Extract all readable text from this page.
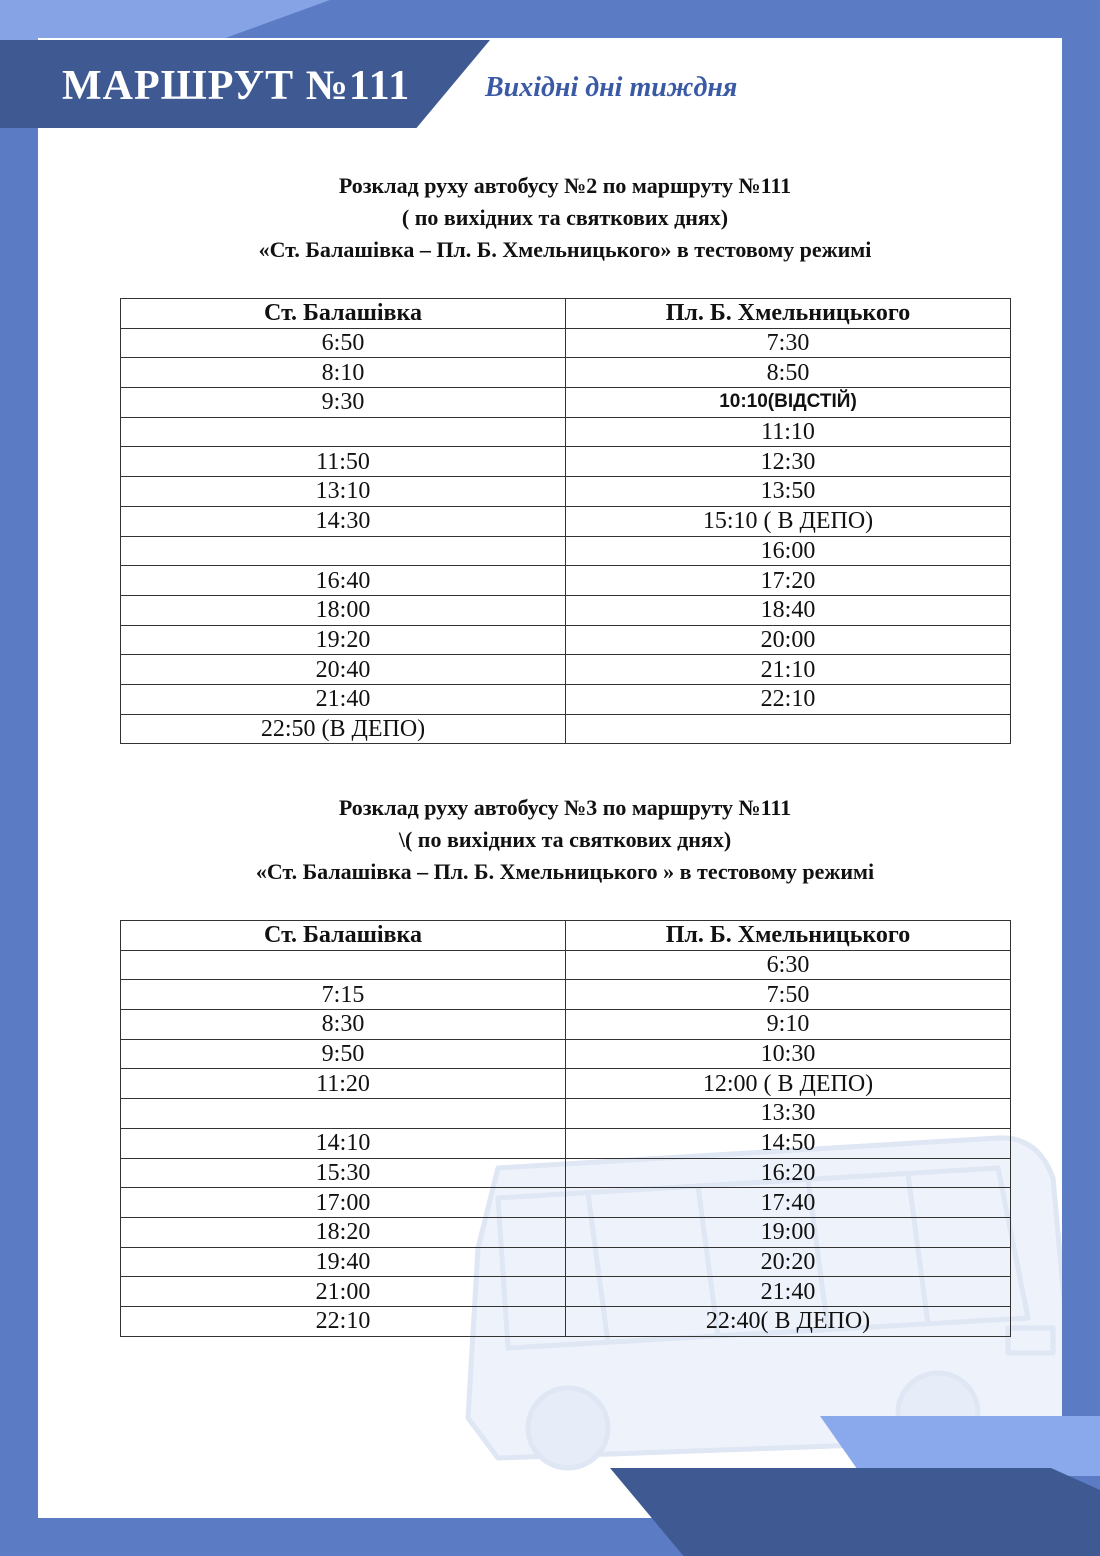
МАРШРУТ №111	Вихідні дні тиждня
Розклад руху автобусу №2 по маршруту №111
( по вихідних та святкових днях)
«Ст. Балашівка – Пл. Б. Хмельницького» в тестовому режимі
Ст. Балашівка	Пл. Б. Хмельницького
6:50	7:30
8:10	8:50
9:30	10:10(ВІДСТІЙ)
	11:10
11:50	12:30
13:10	13:50
14:30	15:10 ( В ДЕПО)
	16:00
16:40	17:20
18:00	18:40
19:20	20:00
20:40	21:10
21:40	22:10
22:50 (В ДЕПО)	
Розклад руху автобусу №3 по маршруту №111
\( по вихідних та святкових днях)
«Ст. Балашівка – Пл. Б. Хмельницького » в тестовому режимі
Ст. Балашівка	Пл. Б. Хмельницького
	6:30
7:15	7:50
8:30	9:10
9:50	10:30
11:20	12:00 ( В ДЕПО)
	13:30
14:10	14:50
15:30	16:20
17:00	17:40
18:20	19:00
19:40	20:20
21:00	21:40
22:10	22:40( В ДЕПО)
